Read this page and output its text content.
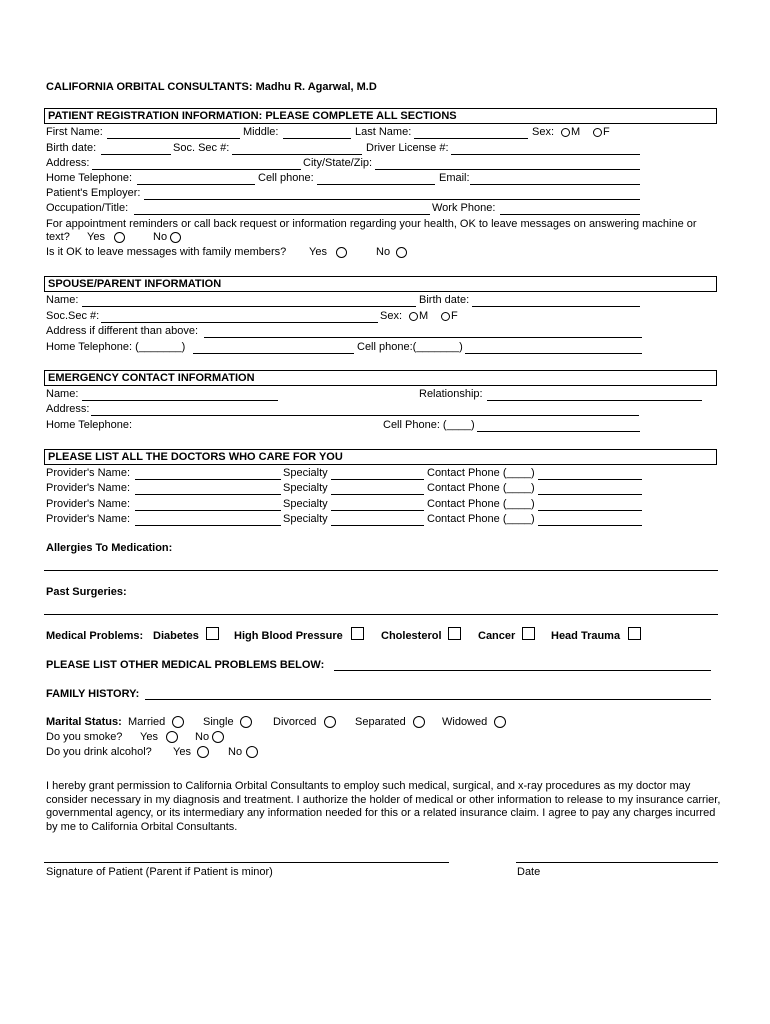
CALIFORNIA ORBITAL CONSULTANTS: Madhu R. Agarwal, M.D
PATIENT REGISTRATION INFORMATION: PLEASE COMPLETE ALL SECTIONS
First Name:	Middle:	Last Name:	Sex: M F
Birth date:	Soc. Sec #:	Driver License #:
Address:	City/State/Zip:
Home Telephone:	Cell phone:	Email:
Patient's Employer:
Occupation/Title:	Work Phone:
For appointment reminders or call back request or information regarding your health, OK to leave messages on answering machine or
text? Yes	No
Is it OK to leave messages with family members? Yes	No
SPOUSE/PARENT INFORMATION
Name:	Birth date:
Soc.Sec #:	Sex: M F
Address if different than above:
Home Telephone: (_______)	Cell phone:(_______)
EMERGENCY CONTACT INFORMATION
Name:	Relationship:
Address:
Home Telephone:	Cell Phone: (____)
PLEASE LIST ALL THE DOCTORS WHO CARE FOR YOU
Provider's Name:	Specialty	Contact Phone (____)
Provider's Name:	Specialty	Contact Phone (____)
Provider's Name:	Specialty	Contact Phone (____)
Provider's Name:	Specialty	Contact Phone (____)
Allergies To Medication:
Past Surgeries:
Medical Problems: Diabetes	High Blood Pressure	Cholesterol	Cancer	Head Trauma
PLEASE LIST OTHER MEDICAL PROBLEMS BELOW:
FAMILY HISTORY:
Marital Status: Married	Single	Divorced	Separated	Widowed
Do you smoke? Yes	No
Do you drink alcohol? Yes	No
I hereby grant permission to California Orbital Consultants to employ such medical, surgical, and x-ray procedures as my doctor may consider necessary in my diagnosis and treatment. I authorize the holder of medical or other information to release to my insurance carrier, governmental agency, or its intermediary any information needed for this or a related insurance claim. I agree to pay any charges incurred by me to California Orbital Consultants.
Signature of Patient (Parent if Patient is minor)	Date
